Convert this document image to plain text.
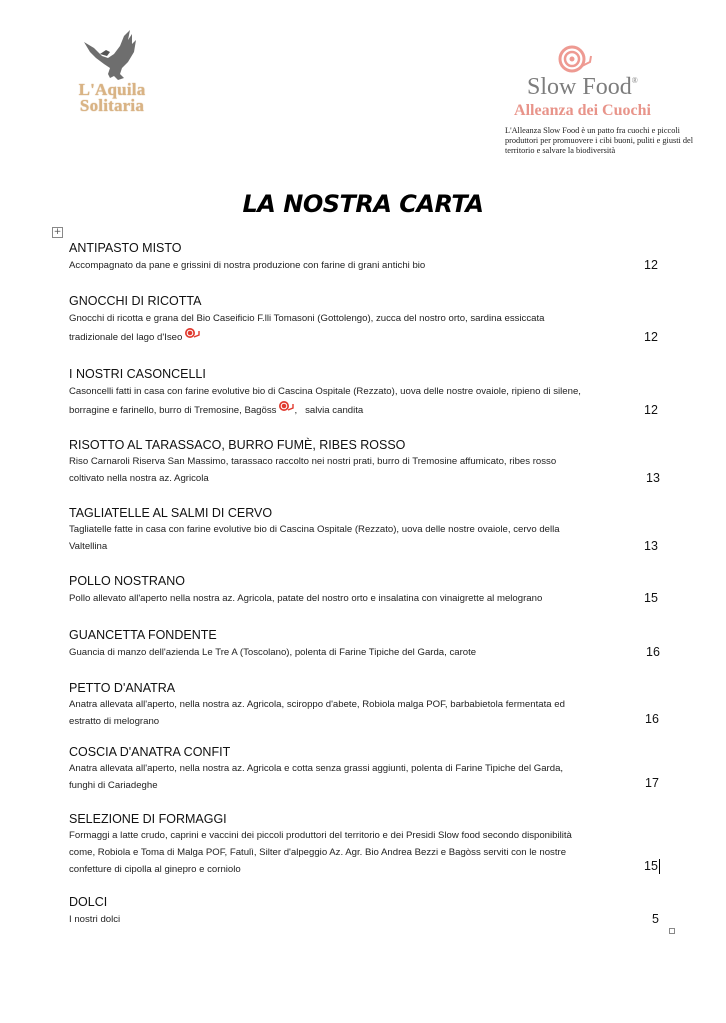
L'Aquila
Solitaria
Slow Food®
Alleanza dei Cuochi
L'Alleanza Slow Food è un patto fra cuochi e piccoli produttori per promuovere i cibi buoni, puliti e giusti del territorio e salvare la biodiversità
LA NOSTRA CARTA
+
ANTIPASTO MISTO
Accompagnato da pane e grissini di nostra produzione con farine di grani antichi bio	12
GNOCCHI DI RICOTTA
Gnocchi di ricotta e grana del Bio Caseificio F.lli Tomasoni (Gottolengo), zucca del nostro orto, sardina essiccata
tradizionale del lago d'Iseo	12
I NOSTRI CASONCELLI
Casoncelli fatti in casa con farine evolutive bio di Cascina Ospitale (Rezzato), uova delle nostre ovaiole, ripieno di silene,
borragine e farinello, burro di Tremosine, Bagöss ,   salvia candita	12
RISOTTO AL TARASSACO, BURRO FUMÈ, RIBES ROSSO
Riso Carnaroli Riserva San Massimo, tarassaco raccolto nei nostri prati, burro di Tremosine affumicato, ribes rosso
coltivato nella nostra az. Agricola	13
TAGLIATELLE AL SALMI DI CERVO
Tagliatelle fatte in casa con farine evolutive bio di Cascina Ospitale (Rezzato), uova delle nostre ovaiole, cervo della
Valtellina	13
POLLO NOSTRANO
Pollo allevato all'aperto nella nostra az. Agricola, patate del nostro orto e insalatina con vinaigrette al melograno	15
GUANCETTA FONDENTE
Guancia di manzo dell'azienda Le Tre A (Toscolano), polenta di Farine Tipiche del Garda, carote	16
PETTO D'ANATRA
Anatra allevata all'aperto, nella nostra az. Agricola, sciroppo d'abete, Robiola malga POF, barbabietola fermentata ed
estratto di melograno	16
COSCIA D'ANATRA CONFIT
Anatra allevata all'aperto, nella nostra az. Agricola e cotta senza grassi aggiunti, polenta di Farine Tipiche del Garda,
funghi di Cariadeghe	17
SELEZIONE DI FORMAGGI
Formaggi a latte crudo, caprini e vaccini dei piccoli produttori del territorio e dei Presidi Slow food secondo disponibilità
come, Robiola e Toma di Malga POF, Fatulì, Silter d'alpeggio Az. Agr. Bio Andrea Bezzi e Bagòss serviti con le nostre
confetture di cipolla al ginepro e corniolo	15
DOLCI
I nostri dolci	5
